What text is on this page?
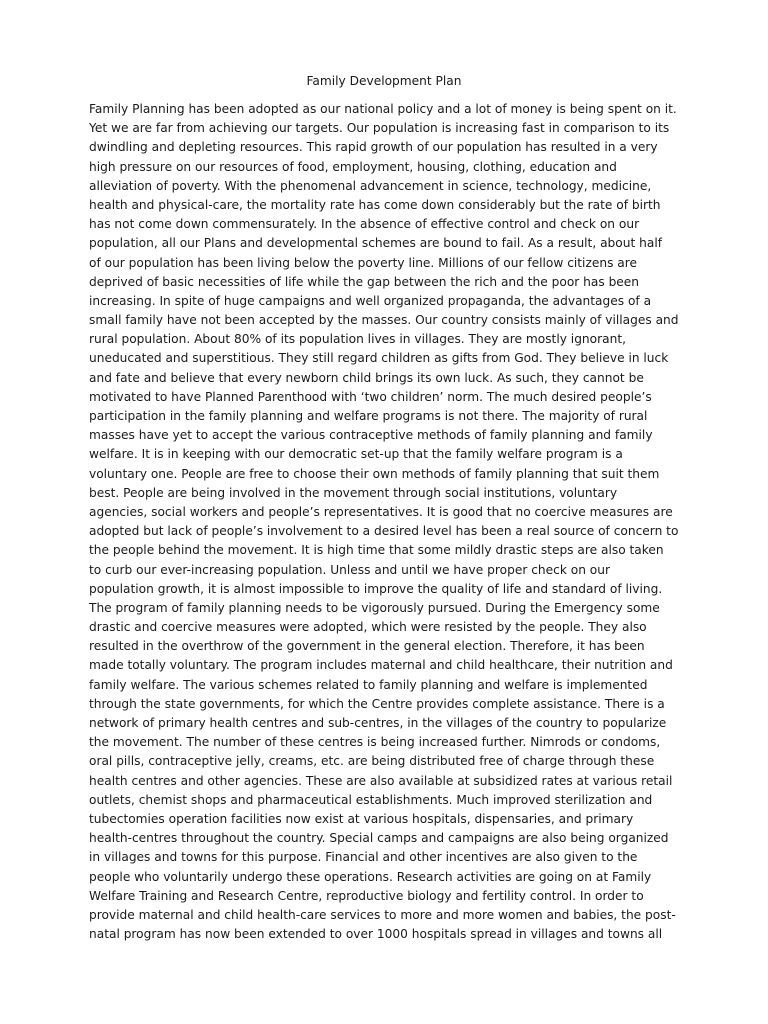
Family Development Plan
Family Planning has been adopted as our national policy and a lot of money is being spent on it.
Yet we are far from achieving our targets. Our population is increasing fast in comparison to its
dwindling and depleting resources. This rapid growth of our population has resulted in a very
high pressure on our resources of food, employment, housing, clothing, education and
alleviation of poverty. With the phenomenal advancement in science, technology, medicine,
health and physical-care, the mortality rate has come down considerably but the rate of birth
has not come down commensurately. In the absence of effective control and check on our
population, all our Plans and developmental schemes are bound to fail. As a result, about half
of our population has been living below the poverty line. Millions of our fellow citizens are
deprived of basic necessities of life while the gap between the rich and the poor has been
increasing. In spite of huge campaigns and well organized propaganda, the advantages of a
small family have not been accepted by the masses. Our country consists mainly of villages and
rural population. About 80% of its population lives in villages. They are mostly ignorant,
uneducated and superstitious. They still regard children as gifts from God. They believe in luck
and fate and believe that every newborn child brings its own luck. As such, they cannot be
motivated to have Planned Parenthood with ‘two children’ norm. The much desired people’s
participation in the family planning and welfare programs is not there. The majority of rural
masses have yet to accept the various contraceptive methods of family planning and family
welfare. It is in keeping with our democratic set-up that the family welfare program is a
voluntary one. People are free to choose their own methods of family planning that suit them
best. People are being involved in the movement through social institutions, voluntary
agencies, social workers and people’s representatives. It is good that no coercive measures are
adopted but lack of people’s involvement to a desired level has been a real source of concern to
the people behind the movement. It is high time that some mildly drastic steps are also taken
to curb our ever-increasing population. Unless and until we have proper check on our
population growth, it is almost impossible to improve the quality of life and standard of living.
The program of family planning needs to be vigorously pursued. During the Emergency some
drastic and coercive measures were adopted, which were resisted by the people. They also
resulted in the overthrow of the government in the general election. Therefore, it has been
made totally voluntary. The program includes maternal and child healthcare, their nutrition and
family welfare. The various schemes related to family planning and welfare is implemented
through the state governments, for which the Centre provides complete assistance. There is a
network of primary health centres and sub-centres, in the villages of the country to popularize
the movement. The number of these centres is being increased further. Nimrods or condoms,
oral pills, contraceptive jelly, creams, etc. are being distributed free of charge through these
health centres and other agencies. These are also available at subsidized rates at various retail
outlets, chemist shops and pharmaceutical establishments. Much improved sterilization and
tubectomies operation facilities now exist at various hospitals, dispensaries, and primary
health-centres throughout the country. Special camps and campaigns are also being organized
in villages and towns for this purpose. Financial and other incentives are also given to the
people who voluntarily undergo these operations. Research activities are going on at Family
Welfare Training and Research Centre, reproductive biology and fertility control. In order to
provide maternal and child health-care services to more and more women and babies, the post-
natal program has now been extended to over 1000 hospitals spread in villages and towns all
